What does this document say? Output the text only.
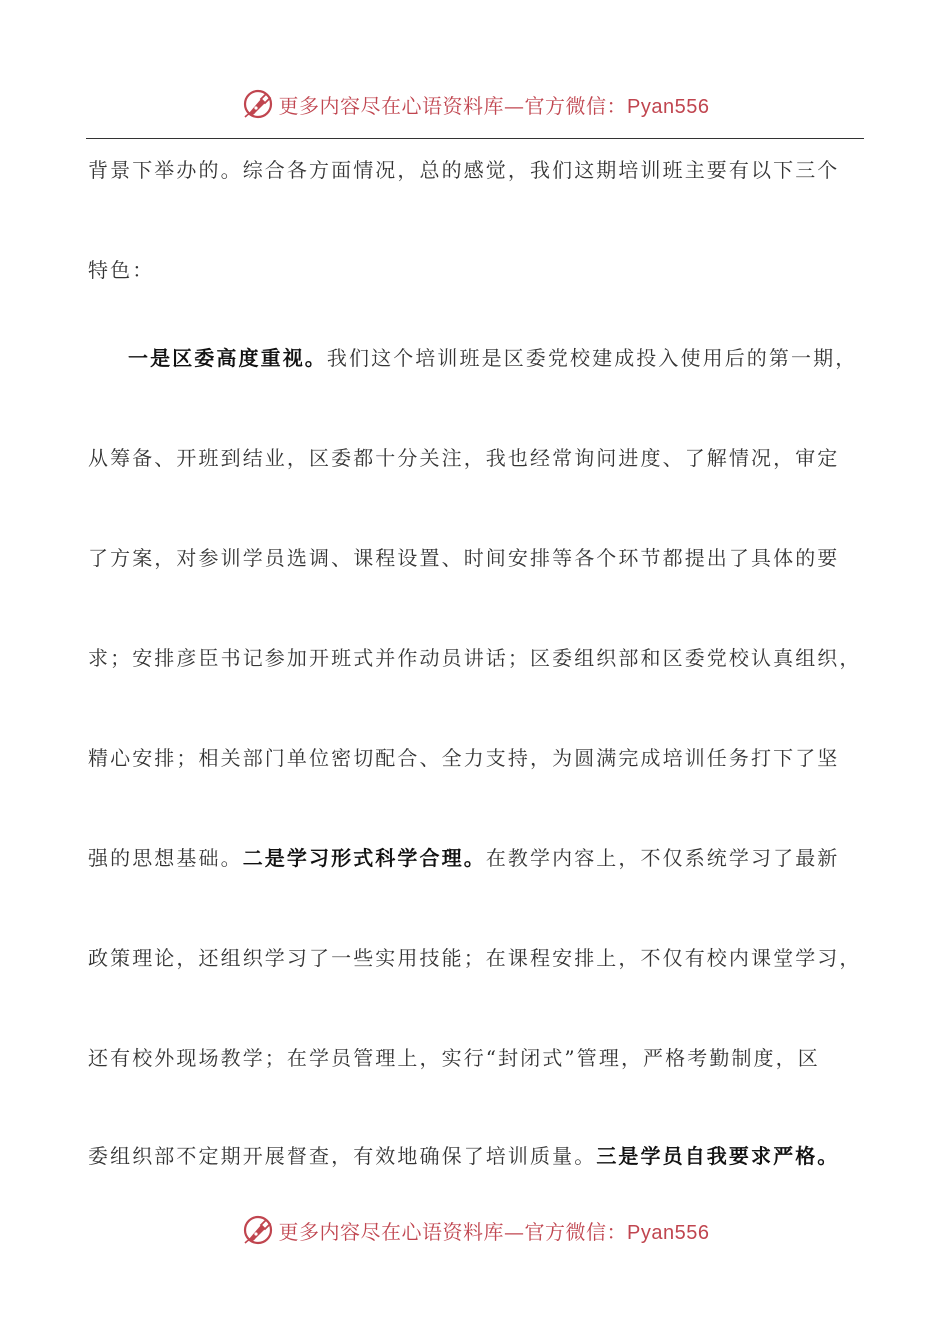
更多内容尽在心语资料库—官方微信：Pyan556
背景下举办的。综合各方面情况，总的感觉，我们这期培训班主要有以下三个
特色：
一是区委高度重视。我们这个培训班是区委党校建成投入使用后的第一期，
从筹备、开班到结业，区委都十分关注，我也经常询问进度、了解情况，审定
了方案，对参训学员选调、课程设置、时间安排等各个环节都提出了具体的要
求；安排彦臣书记参加开班式并作动员讲话；区委组织部和区委党校认真组织，
精心安排；相关部门单位密切配合、全力支持，为圆满完成培训任务打下了坚
强的思想基础。二是学习形式科学合理。在教学内容上，不仅系统学习了最新
政策理论，还组织学习了一些实用技能；在课程安排上，不仅有校内课堂学习，
还有校外现场教学；在学员管理上，实行“封闭式”管理，严格考勤制度，区
委组织部不定期开展督查，有效地确保了培训质量。三是学员自我要求严格。
更多内容尽在心语资料库—官方微信：Pyan556
